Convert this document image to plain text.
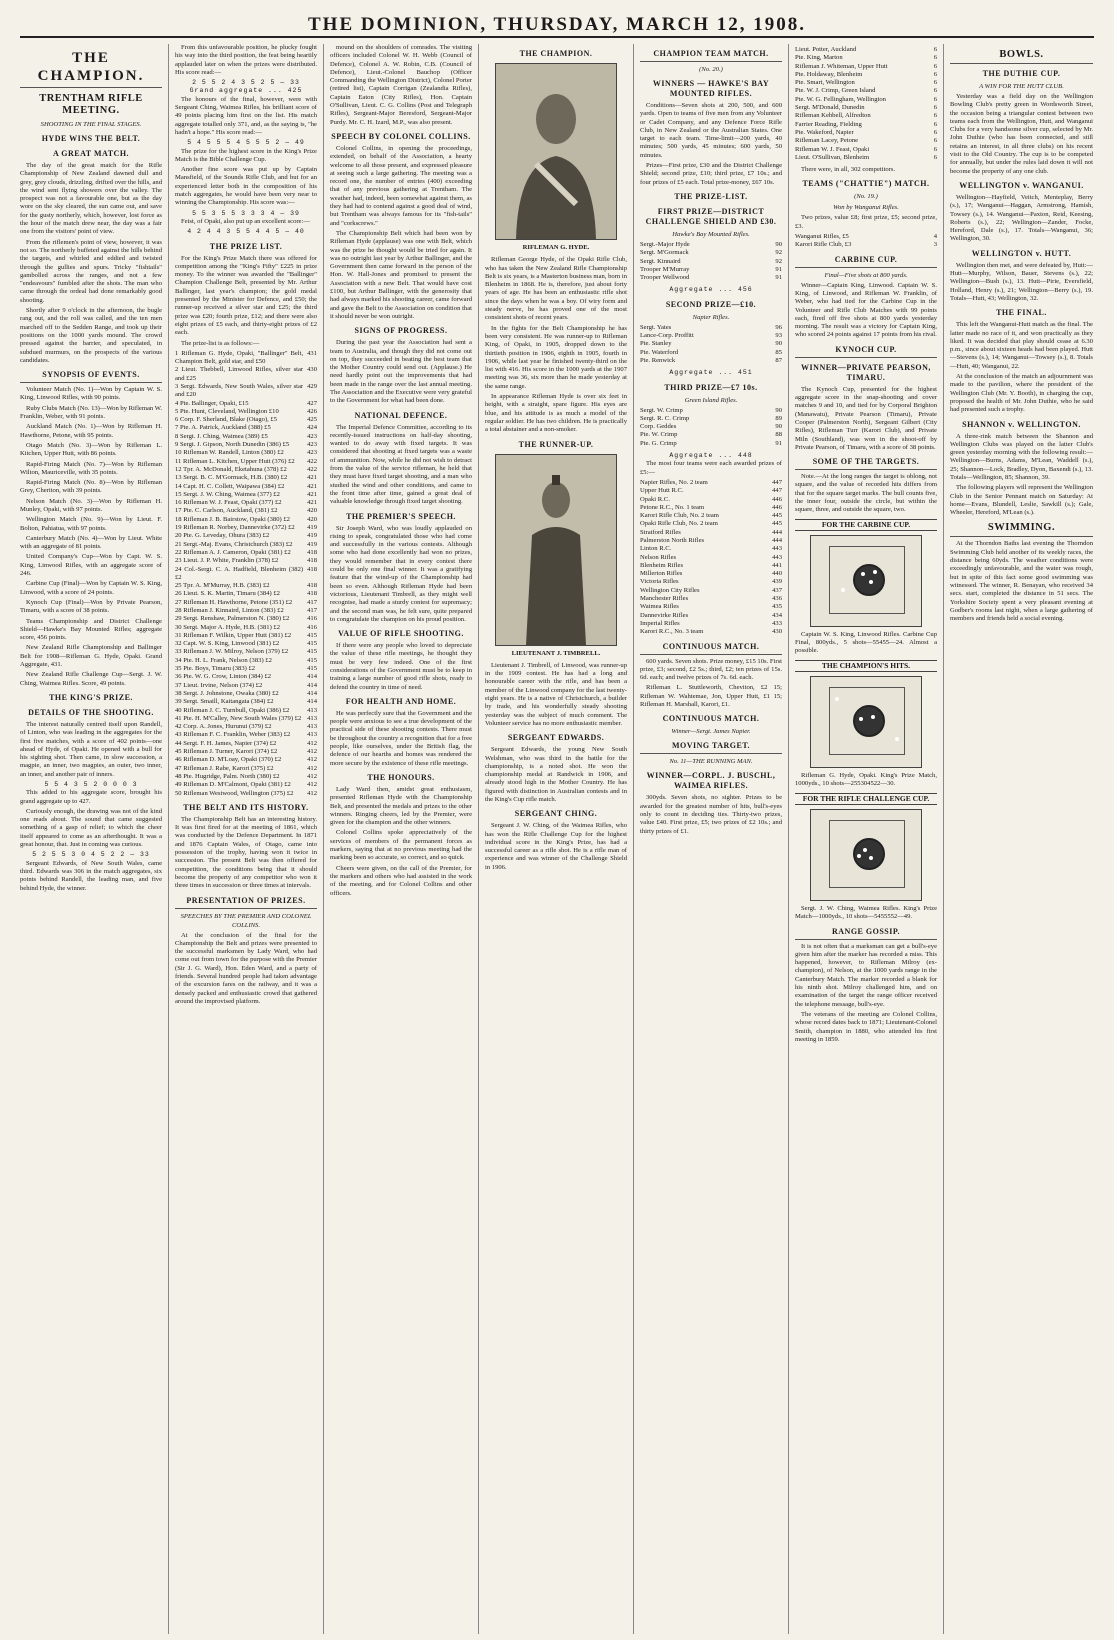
THE DOMINION, THURSDAY, MARCH 12, 1908.
THE CHAMPION.
TRENTHAM RIFLE MEETING.
SHOOTING IN THE FINAL STAGES.
HYDE WINS THE BELT.
A GREAT MATCH.

The day of the great match for the Rifle Championship of New Zealand dawned dull and grey, grey clouds, drizzling, drifted over the hills, and the wind sent flying showers over the valley. The prospect was not a favourable one, but as the day wore on the sky cleared, the sun came out, and save for the gusty northerly, which, however, lost force as the hour of the match drew near, the day was a fair one from the visitors' point of view.

From the riflemen's point of view, however, it was not so. The northerly buffeted against the hills behind the targets, and whirled and eddied and twisted through the gullies and spurs. Tricky "fishtails" gambolled across the ranges, and not a few "endeavours" fumbled after the shots. The man who came through the ordeal had done remarkably good shooting.

Shortly after 9 o'clock in the afternoon, the bugle rang out, and the roll was called, and the ten men marched off to the Sedden Range, and took up their positions on the 1000 yards mound. The crowd pressed against the barrier, and speculated, in subdued murmurs, on the prospects of the various candidates.

SYNOPSIS OF EVENTS.

Volunteer Match (No. 1)—Won by Captain W. S. King, Linwood Rifles, with 90 points.

Ruby Clubs Match (No. 13)—Won by Rifleman W. Franklin, Weber, with 91 points.

Auckland Match (No. 1)—Won by Rifleman H. Hawthorne, Petone, with 95 points.

Otago Match (No. 3)—Won by Rifleman L. Kitchen, Upper Hutt, with 86 points.

Rapid-Firing Match (No. 7)—Won by Rifleman Wilton, Mauriceville, with 35 points.

Rapid-Firing Match (No. 8)—Won by Rifleman Grey, Cheriton, with 39 points.

Nelson Match (No. 3)—Won by Rifleman H. Munley, Opaki, with 97 points.

Wellington Match (No. 9)—Won by Lieut. F. Bolton, Pahiatua, with 97 points.

Canterbury Match (No. 4)—Won by Lieut. White with an aggregate of 81 points.

United Company's Cup—Won by Capt. W. S. King, Linwood Rifles, with an aggregate score of 246.

Carbine Cup (Final)—Won by Captain W. S. King, Linwood, with a score of 24 points.

Kynoch Cup (Final)—Won by Private Pearson, Timaru, with a score of 38 points.

Teams Championship and District Challenge Shield—Hawke's Bay Mounted Rifles; aggregate score, 456 points.

New Zealand Rifle Championship and Ballinger Belt for 1908—Rifleman G. Hyde, Opaki. Grand Aggregate, 431.

New Zealand Rifle Challenge Cup—Sergt. J. W. Ching, Waimea Rifles. Score, 49 points.

THE KING'S PRIZE.
DETAILS OF THE SHOOTING.

The interest naturally centred itself upon Randell, of Linton, who was leading in the aggregates for the first five matches, with a score of 402 points—one ahead of Hyde, of Opaki. He opened with a bull for his sighting shot. Then came, in slow succession, a magpie, an inner, two magpies, an outer, two inner, an inner, and another pair of inners.

5 5 4 3 5 2 0 0 0 3

This added to his aggregate score, brought his grand aggregate up to 427.

Curiously enough, the drawing was not of the kind one reads about. The sound that came suggested something of a gasp of relief; to which the cheer itself appeared to come as an afterthought. It was a great honour, that. Just in coming was curious.

5 2 5 5 3 0 4 5 2 2 — 33

Sergeant Edwards, of New South Wales, came third. Edwards was 306 in the match aggregates, six points behind Randell, the leading man, and five behind Hyde, the winner.

From this unfavourable position, he plucky fought his way into the third position, the feat being heartily applauded later on when the prizes were distributed. His score read:—

2 5 5 2 4 3 5 2 5 — 33
Grand aggregate ... 425

The honours of the final, however, were with Sergeant Ching, Waimea Rifles, his brilliant score of 49 points placing him first on the list. His match aggregate totalled only 371, and, as the saying is, "he hadn't a hope." His score read:—

5 4 5 5 5 4 5 5 5 2 — 49

The prize for the highest score in the King's Prize Match is the Bible Challenge Cup.

Another fine score was put up by Captain Mansfield, of the Sounds Rifle Club, and but for an experienced letter both in the composition of his match aggregates, he would have been very near to winning the Championship. His score was:—

5 5 3 5 5 3 3 3 4 — 39

Feist, of Opaki, also put up an excellent score:—

4 2 4 4 3 5 5 4 4 5 — 40
THE PRIZE LIST.

For the King's Prize Match there was offered for competition among the "King's Fifty" £225 in prize money. To the winner was awarded the "Ballinger" Champion Challenge Belt, presented by Mr. Arthur Ballinger, last year's champion; the gold medal presented by the Minister for Defence, and £50; the runner-up received a silver star and £25; the third prize was £20; fourth prize, £12; and there were also eight prizes of £5 each, and thirty-eight prizes of £2 each.

The prize-list is as follows:—

1 Rifleman G. Hyde, Opaki, "Ballinger" Belt, Champion Belt, gold star, and £50
431
2 Lieut. Thebbell, Linwood Rifles, silver star and £25
430
3 Sergt. Edwards, New South Wales, silver star and £20
429
4 Pte. Ballinger, Opaki, £15	427
5 Pte. Hunt, Cleveland, Wellington £10	426
6 Corp. F. Sherland, Blake (Otago), £5	425
7 Pte. A. Patrick, Auckland (388) £5	424
8 Sergt. J. Ching, Waimea (389) £5	423
9 Sergt. J. Gipson, North Dunedin (386) £5	423
10 Rifleman W. Randell, Linton (380) £2	423
11 Rifleman L. Kitchen, Upper Hutt (376) £2	422
12 Tpr. A. McDonald, Eketahuna (378) £2	422
13 Sergt. B. C. M'Gormack, H.B. (380) £2	421
14 Capt. H. C. Collett, Waipawa (384) £2	421
15 Sergt. J. W. Ching, Waimea (377) £2	421
16 Rifleman W. J. Feast, Opaki (377) £2	421
17 Pte. C. Carlson, Auckland, (381) £2	420
18 Rifleman J. B. Bairstow, Opaki (380) £2	420
19 Rifleman R. Norbey, Dannevirke (372) £2	419
20 Pte. G. Leveday, Ohura (383) £2	419
21 Sergt.-Maj. Evans, Christchurch (383) £2	419
22 Rifleman A. J. Cameron, Opaki (381) £2	418
23 Lieut. J. P. White, Franklin (378) £2	418
24 Col.-Sergt. C. A. Hadfield, Blenheim (382) £2
418
25 Tpr. A. M'Murray, H.B. (383) £2	418
26 Lieut. S. K. Martin, Timaru (384) £2	418
27 Rifleman H. Hawthorne, Petone (351) £2	417
28 Rifleman J. Kinnaird, Linton (383) £2	417
29 Sergt. Renshaw, Palmerston N. (380) £2	416
30 Sergt. Major A. Hyde, H.B. (381) £2	416
31 Rifleman F. Wilkin, Upper Hutt (381) £2	415
32 Capt. W. S. King, Linwood (381) £2	415
33 Rifleman J. W. Milroy, Nelson (379) £2	415
34 Pte. H. L. Frank, Nelson (383) £2	415
35 Pte. Boys, Timaru (383) £2	415
36 Pte. W. G. Crow, Linton (384) £2	414
37 Lieut. Irvine, Nelson (374) £2	414
38 Sergt. J. Johnstone, Owaka (380) £2	414
39 Sergt. Smaill, Kaitangata (384) £2	414
40 Rifleman J. C. Turnbull, Opaki (386) £2	413
41 Pte. H. M'Calley, New South Wales (379) £2 413
42 Corp. A. Jones, Hurunui (379) £2	413
43 Rifleman F. C. Franklin, Weber (383) £2	413
44 Sergt. F. H. James, Napier (374) £2	412
45 Rifleman J. Turner, Karori (374) £2	412
46 Rifleman D. M'Loay, Opaki (370) £2	412
47 Rifleman J. Rabe, Karori (375) £2	412
48 Pte. Hugridge, Palm. North (380) £2	412
49 Rifleman D. M'Calmont, Opaki (381) £2	412
50 Rifleman Westwood, Wellington (375) £2	412
THE BELT AND ITS HISTORY.

The Championship Belt has an interesting history. It was first fired for at the meeting of 1861, which was conducted by the Defence Department. In 1871 and 1876 Captain Wales, of Otago, came into possession of the trophy, having won it twice in succession. The present Belt was then offered for competition, the conditions being that it should become the property of any competitor who won it three times in succession or three times at intervals.

PRESENTATION OF PRIZES.
SPEECHES BY THE PREMIER AND COLONEL COLLINS.

At the conclusion of the final for the Championship the Belt and prizes were presented to the successful marksmen by Lady Ward, who had come out from town for the purpose with the Premier (Sir J. G. Ward), Hon. Eden Ward, and a party of friends. Several hundred people had taken advantage of the excursion fares on the railway, and it was a densely packed and enthusiastic crowd that gathered around the improvised platform.

mound on the shoulders of comrades. The visiting officers included Colonel W. H. Webb (Council of Defence), Colonel A. W. Robin, C.B. (Council of Defence), Lieut.-Colonel Bauchop (Officer Commanding the Wellington District), Colonel Porter (retired list), Captain Corrigan (Zealandia Rifles), Captain Eaton (City Rifles), Hon. Captain O'Sullivan, Lieut. C. G. Collins (Post and Telegraph Rifles), Sergeant-Major Beresford, Sergeant-Major Purdy. Mr. C. H. Izard, M.P., was also present.

SPEECH BY COLONEL COLLINS.

Colonel Collins, in opening the proceedings, extended, on behalf of the Association, a hearty welcome to all those present, and expressed pleasure at seeing such a large gathering. The meeting was a record one, the number of entries (400) exceeding that of any previous gathering at Trentham. The weather had, indeed, been somewhat against them, as they had had to contend against a good deal of wind, but Trentham was always famous for its "fish-tails" and "corkscrews."

The Championship Belt which had been won by Rifleman Hyde (applause) was one with Belt, which was the prize he thought would be tried for again. It was no outright last year by Arthur Ballinger, and the Government then came forward in the person of the Hon. W. Hall-Jones and promised to present the Association with a new Belt. That would have cost £100, but Arthur Ballinger, with the generosity that had always marked his shooting career, came forward and gave the Belt to the Association on condition that it should never be won outright.

SIGNS OF PROGRESS.

During the past year the Association had sent a team to Australia, and though they did not come out on top, they succeeded in beating the best team that the Mother Country could send out. (Applause.) He need hardly point out the improvements that had been made in the range over the last annual meeting. The Association and the Executive were very grateful to the Government for what had been done.

NATIONAL DEFENCE.

The Imperial Defence Committee, according to its recently-issued instructions on half-day shooting, wanted to do away with fixed targets. It was considered that shooting at fixed targets was a waste of ammunition. Now, while he did not wish to detract from the value of the service rifleman, he held that they must have fixed target shooting, and a man who studied the wind and other conditions, and came to the front time after time, gained a great deal of valuable knowledge through fixed target shooting.

THE PREMIER'S SPEECH.

Sir Joseph Ward, who was loudly applauded on rising to speak, congratulated those who had come and successfully in the various contests. Although some who had done excellently had won no prizes, they would remember that in every contest there could be only one final winner. It was a gratifying feature that the wind-up of the Championship had been so even. Although Rifleman Hyde had been victorious, Lieutenant Timbrell, as they might well recognise, had made a sturdy contest for supremacy; and the second man was, he felt sure, quite prepared to congratulate the champion on his proud position.

VALUE OF RIFLE SHOOTING.

If there were any people who loved to depreciate the value of these rifle meetings, he thought they must be very few indeed. One of the first considerations of the Government must be to keep in training a large number of good rifle shots, ready to defend the country in time of need.

FOR HEALTH AND HOME.

He was perfectly sure that the Government and the people were anxious to see a true development of the practical side of these shooting contests. There must be throughout the country a recognition that for a free people, like ourselves, under the British flag, the defence of our hearths and homes was rendered the more secure by the existence of these rifle meetings.

THE HONOURS.

Lady Ward then, amidst great enthusiasm, presented Rifleman Hyde with the Championship Belt, and presented the medals and prizes to the other winners. Ringing cheers, led by the Premier, were given for the champion and the other winners.

Colonel Collins spoke appreciatively of the services of members of the permanent forces as markers, saying that at no previous meeting had the marking been so accurate, so correct, and so quick.

Cheers were given, on the call of the Premier, for the markers and others who had assisted in the work of the meeting, and for Colonel Collins and other officers.

THE CHAMPION.
RIFLEMAN G. HYDE.

Rifleman George Hyde, of the Opaki Rifle Club, who has taken the New Zealand Rifle Championship Belt is six years, is a Masterton business man, born in Blenheim in 1868. He is, therefore, just about forty years of age. He has been an enthusiastic rifle shot since the days when he was a boy. Of wiry form and steady nerve, he has proved one of the most consistent shots of recent years.

In the fights for the Belt Championship he has been very consistent. He was runner-up to Rifleman King, of Opaki, in 1905, dropped down to the thirtieth position in 1906, eighth in 1905, fourth in 1906, while last year he finished twenty-third on the list with 416. His score in the 1000 yards at the 1907 meeting was 36, six more than he made yesterday at the same range.

In appearance Rifleman Hyde is over six feet in height, with a straight, spare figure. His eyes are blue, and his attitude is as much a model of the regular soldier. He has two children. He is practically a total abstainer and a non-smoker.

THE RUNNER-UP.
LIEUTENANT J. TIMBRELL.

Lieutenant J. Timbrell, of Linwood, was runner-up in the 1909 contest. He has had a long and honourable career with the rifle, and has been a member of the Linwood company for the last twenty-eight years. He is a native of Christchurch, a builder by trade, and his wonderfully steady shooting yesterday was the subject of much comment. The Volunteer service has no more enthusiastic member.

SERGEANT EDWARDS.

Sergeant Edwards, the young New South Welshman, who was third in the battle for the championship, is a noted shot. He won the championship medal at Randwick in 1906, and already stood high in the Mother Country. He has figured with distinction in Australian contests and in the King's Cup rifle match.

SERGEANT CHING.

Sergeant J. W. Ching, of the Waimea Rifles, who has won the Rifle Challenge Cup for the highest individual score in the King's Prize, has had a successful career as a rifle shot. He is a rifle man of experience and was winner of the Challenge Shield in 1906.

CHAMPION TEAM MATCH.
(No. 20.)
WINNERS — HAWKE'S BAY MOUNTED RIFLES.

Conditions—Seven shots at 200, 500, and 600 yards. Open to teams of five men from any Volunteer or Cadet Company, and any Defence Force Rifle Club, in New Zealand or the Australian States. One target to each team. Time-limit—200 yards, 40 minutes; 500 yards, 45 minutes; 600 yards, 50 minutes.

Prizes—First prize, £30 and the District Challenge Shield; second prize, £10; third prize, £7 10s.; and four prizes of £5 each. Total prize-money, £67 10s.

THE PRIZE-LIST.
FIRST PRIZE—DISTRICT CHALLENGE SHIELD AND £30.
Hawke's Bay Mounted Rifles.
Sergt.-Major Hyde	90
Sergt. M'Gormack	92
Sergt. Kinnaird	92
Trooper M'Murray	91
Trooper Wellwood	91
Aggregate ... 456
SECOND PRIZE—£10.
Napier Rifles.
Sergt. Yates	96
Lance-Corp. Proffitt	93
Pte. Stanley	90
Pte. Waterford	85
Pte. Renwick	87
Aggregate ... 451
THIRD PRIZE—£7 10s.
Green Island Rifles.
Sergt. W. Crimp	90
Sergt. R. C. Crimp	89
Corp. Geddes	90
Pte. W. Crimp	88
Pte. G. Crimp	91
Aggregate ... 448

The most four teams were each awarded prizes of £5:—

Napier Rifles, No. 2 team	447
Upper Hutt R.C.	447
Opaki R.C.	446
Petone R.C., No. 1 team	446
Karori Rifle Club, No. 2 team	445
Opaki Rifle Club, No. 2 team	445
Stratford Rifles	444
Palmerston North Rifles	444
Linton R.C.	443
Nelson Rifles	443
Blenheim Rifles	441
Millerton Rifles	440
Victoria Rifles	439
Wellington City Rifles	437
Manchester Rifles	436
Waimea Rifles	435
Dannevirke Rifles	434
Imperial Rifles	433
Karori R.C., No. 3 team	430
CONTINUOUS MATCH.

600 yards. Seven shots. Prize money, £15 10s. First prize, £3; second, £2 5s.; third, £2; ten prizes of 15s. 6d. each; and twelve prizes of 7s. 6d. each.

Rifleman L. Stuttleworth, Cheviton, £2 15; Rifleman W. Wahtemae, Jon, Upper Hutt, £1 15; Rifleman H. Marshall, Karori, £1.

CONTINUOUS MATCH.
Winner—Sergt. James Napier.
MOVING TARGET.
No. 11—THE RUNNING MAN.
WINNER—CORPL. J. BUSCHL, WAIMEA RIFLES.

300yds. Seven shots, no sighter. Prizes to be awarded for the greatest number of hits, bull's-eyes only to count in deciding ties. Thirty-two prizes, value £40. First prize, £5; two prizes of £2 10s.; and thirty prizes of £1.

Lieut. Potter, Auckland	6
Pte. King, Marton	6
Rifleman J. Whiteman, Upper Hutt	6
Pte. Holdaway, Blenheim	6
Pte. Smart, Wellington	6
Pte. W. J. Crimp, Green Island	6
Pte. W. G. Fellingham, Wellington	6
Sergt. M'Donald, Dunedin	6
Rifleman Kebbell, Alfredton	6
Farrier Reading, Fielding	6
Pte. Wakeford, Napier	6
Rifleman Lacey, Petone	6
Rifleman W. J. Feast, Opaki	6
Lieut. O'Sullivan, Blenheim	6

There were, in all, 302 competitors.

TEAMS ("CHATTIE") MATCH.
(No. 19.)
Won by Wanganui Rifles.

Two prizes, value £8; first prize, £5; second prize, £3.

Wanganui Rifles, £5	4
Karori Rifle Club, £3	3
CARBINE CUP.
Final—Five shots at 800 yards.

Winner—Captain King, Linwood. Captain W. S. King, of Linwood, and Rifleman W. Franklin, of Weber, who had tied for the Carbine Cup in the Volunteer and Rifle Club Matches with 99 points each, fired off five shots at 800 yards yesterday morning. The result was a victory for Captain King, who scored 24 points against 17 points from his rival.

KYNOCH CUP.
WINNER—PRIVATE PEARSON, TIMARU.

The Kynoch Cup, presented for the highest aggregate score in the snap-shooting and cover matches 9 and 10, and tied for by Corporal Brighton (Manawatu), Private Pearson (Timaru), Private Cooper (Palmerston North), Sergeant Gilbert (City Rifles), Rifleman Turr (Karori Club), and Private Miln (Southland), was won in the shoot-off by Private Pearson, of Timaru, with a score of 38 points.

SOME OF THE TARGETS.

Note.—At the long ranges the target is oblong, not square, and the value of recorded hits differs from that for the square target marks. The bull counts five, the inner four, outside the circle, but within the square, three, and outside the square, two.

FOR THE CARBINE CUP.

Captain W. S. King, Linwood Rifles. Carbine Cup Final, 800yds., 5 shots—55455—24. Almost a possible.

THE CHAMPION'S HITS.

Rifleman G. Hyde, Opaki. King's Prize Match, 1000yds., 10 shots—255304522—30.

FOR THE RIFLE CHALLENGE CUP.

Sergt. J. W. Ching, Waimea Rifles. King's Prize Match—1000yds., 10 shots—5455552—49.

RANGE GOSSIP.

It is not often that a marksman can get a bull's-eye given him after the marker has recorded a miss. This happened, however, to Rifleman Milroy (ex-champion), of Nelson, at the 1000 yards range in the Canterbury Match. The marker recorded a blank for his ninth shot. Milroy challenged him, and on examination of the target the range officer received the telephone message, bull's-eye.

The veterans of the meeting are Colonel Collins, whose record dates back to 1871; Lieutenant-Colonel Smith, champion in 1880, who attended his first meeting in 1859.

BOWLS.
THE DUTHIE CUP.
A WIN FOR THE HUTT CLUB.

Yesterday was a field day on the Wellington Bowling Club's pretty green in Wordsworth Street, the occasion being a triangular contest between two teams each from the Wellington, Hutt, and Wanganui Clubs for a very handsome silver cup, selected by Mr. John Duthie (who has been connected, and still retains an interest, in all three clubs) on his recent visit to the Old Country. The cup is to be competed for annually, but under the rules laid down it will not become the property of any one club.

WELLINGTON v. WANGANUI.

Wellington—Hayfield, Veitch, Menteplay, Berry (s.), 17; Wanganui—Haggan, Armstrong, Hamish, Towsey (s.), 14. Wanganui—Paxton, Reid, Keesing, Roberts (s.), 22; Wellington—Zander, Focke, Hereford, Dale (s.), 17. Totals—Wanganui, 36; Wellington, 30.

WELLINGTON v. HUTT.

Wellington then met, and were defeated by, Hutt:— Hutt—Murphy, Wilson, Bauer, Stevens (s.), 22; Wellington—Bush (s.), 13. Hutt—Pirie, Eversfield, Holland, Henry (s.), 21; Wellington—Berry (s.), 19. Totals—Hutt, 43; Wellington, 32.

THE FINAL.

This left the Wanganui-Hutt match as the final. The latter made no race of it, and won practically as they liked. It was decided that play should cease at 6.30 p.m., since about sixteen heads had been played. Hutt—Stevens (s.), 14; Wanganui—Towsey (s.), 8. Totals—Hutt, 40; Wanganui, 22.

At the conclusion of the match an adjournment was made to the pavilion, where the president of the Wellington Club (Mr. Y. Booth), in charging the cup, proposed the health of Mr. John Duthie, who he said had presented such a trophy.

SHANNON v. WELLINGTON.

A three-rink match between the Shannon and Wellington Clubs was played on the latter Club's green yesterday morning with the following result:— Wellington—Burns, Adams, M'Lean, Waddell (s.), 25; Shannon—Lock, Bradley, Dyon, Baxendi (s.), 13. Totals—Wellington, 85; Shannon, 39.

The following players will represent the Wellington Club in the Senior Pennant match on Saturday: At home—Evans, Blundell, Leslie, Sawkill (s.); Gale, Wheeler, Hereford, M'Lean (s.).

SWIMMING.

At the Thorndon Baths last evening the Thorndon Swimming Club held another of its weekly races, the distance being 60yds. The weather conditions were exceedingly unfavourable, and the water was rough, but in spite of this fact some good swimming was witnessed. The winner, R. Benayan, who received 34 secs. start, completed the distance in 51 secs. The Yorkshire Society spent a very pleasant evening at Godber's rooms last night, when a large gathering of members and friends held a social evening.
